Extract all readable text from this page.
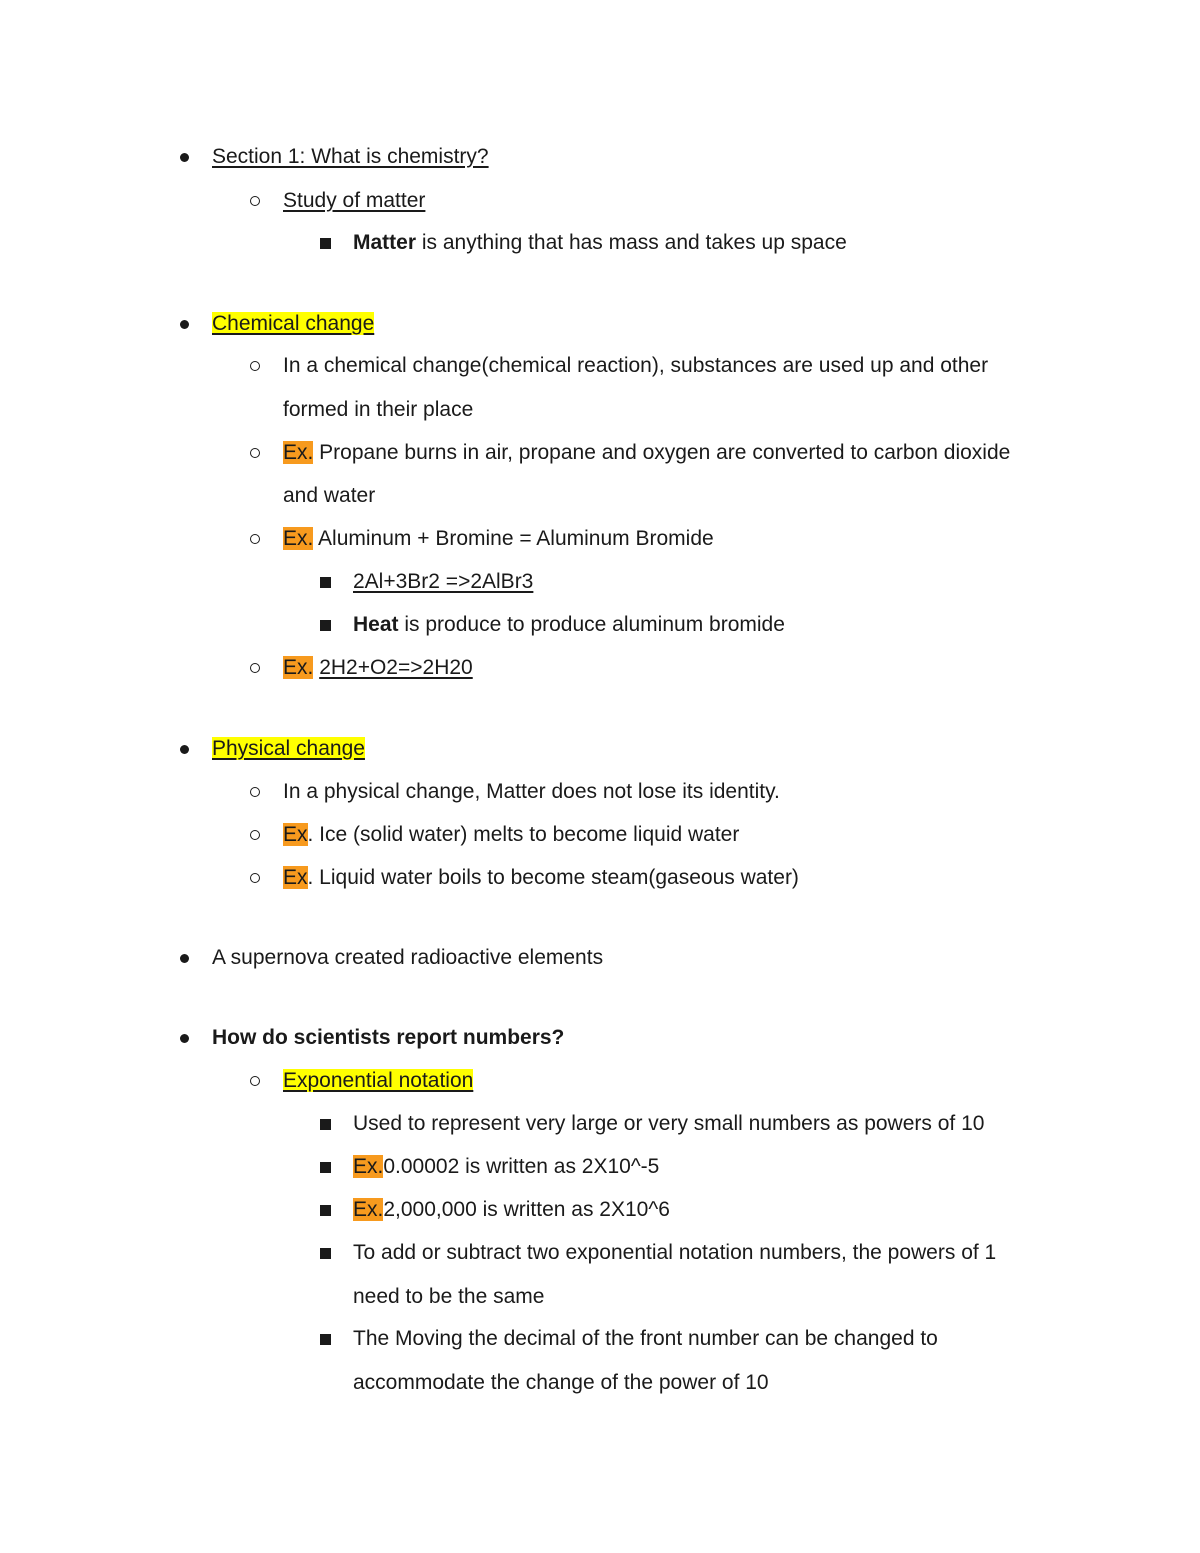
Section 1: What is chemistry?
Study of matter
Matter is anything that has mass and takes up space
Chemical change
In a chemical change(chemical reaction), substances are used up and other
formed in their place
Ex. Propane burns in air, propane and oxygen are converted to carbon dioxide
and water
Ex. Aluminum + Bromine = Aluminum Bromide
2Al+3Br2 =>2AlBr3
Heat is produce to produce aluminum bromide
Ex. 2H2+O2=>2H20
Physical change
In a physical change, Matter does not lose its identity.
Ex. Ice (solid water) melts to become liquid water
Ex. Liquid water boils to become steam(gaseous water)
A supernova created radioactive elements
How do scientists report numbers?
Exponential notation
Used to represent very large or very small numbers as powers of 10
Ex.0.00002 is written as 2X10^-5
Ex.2,000,000 is written as 2X10^6
To add or subtract two exponential notation numbers, the powers of 1
need to be the same
The Moving the decimal of the front number can be changed to
accommodate the change of the power of 10
